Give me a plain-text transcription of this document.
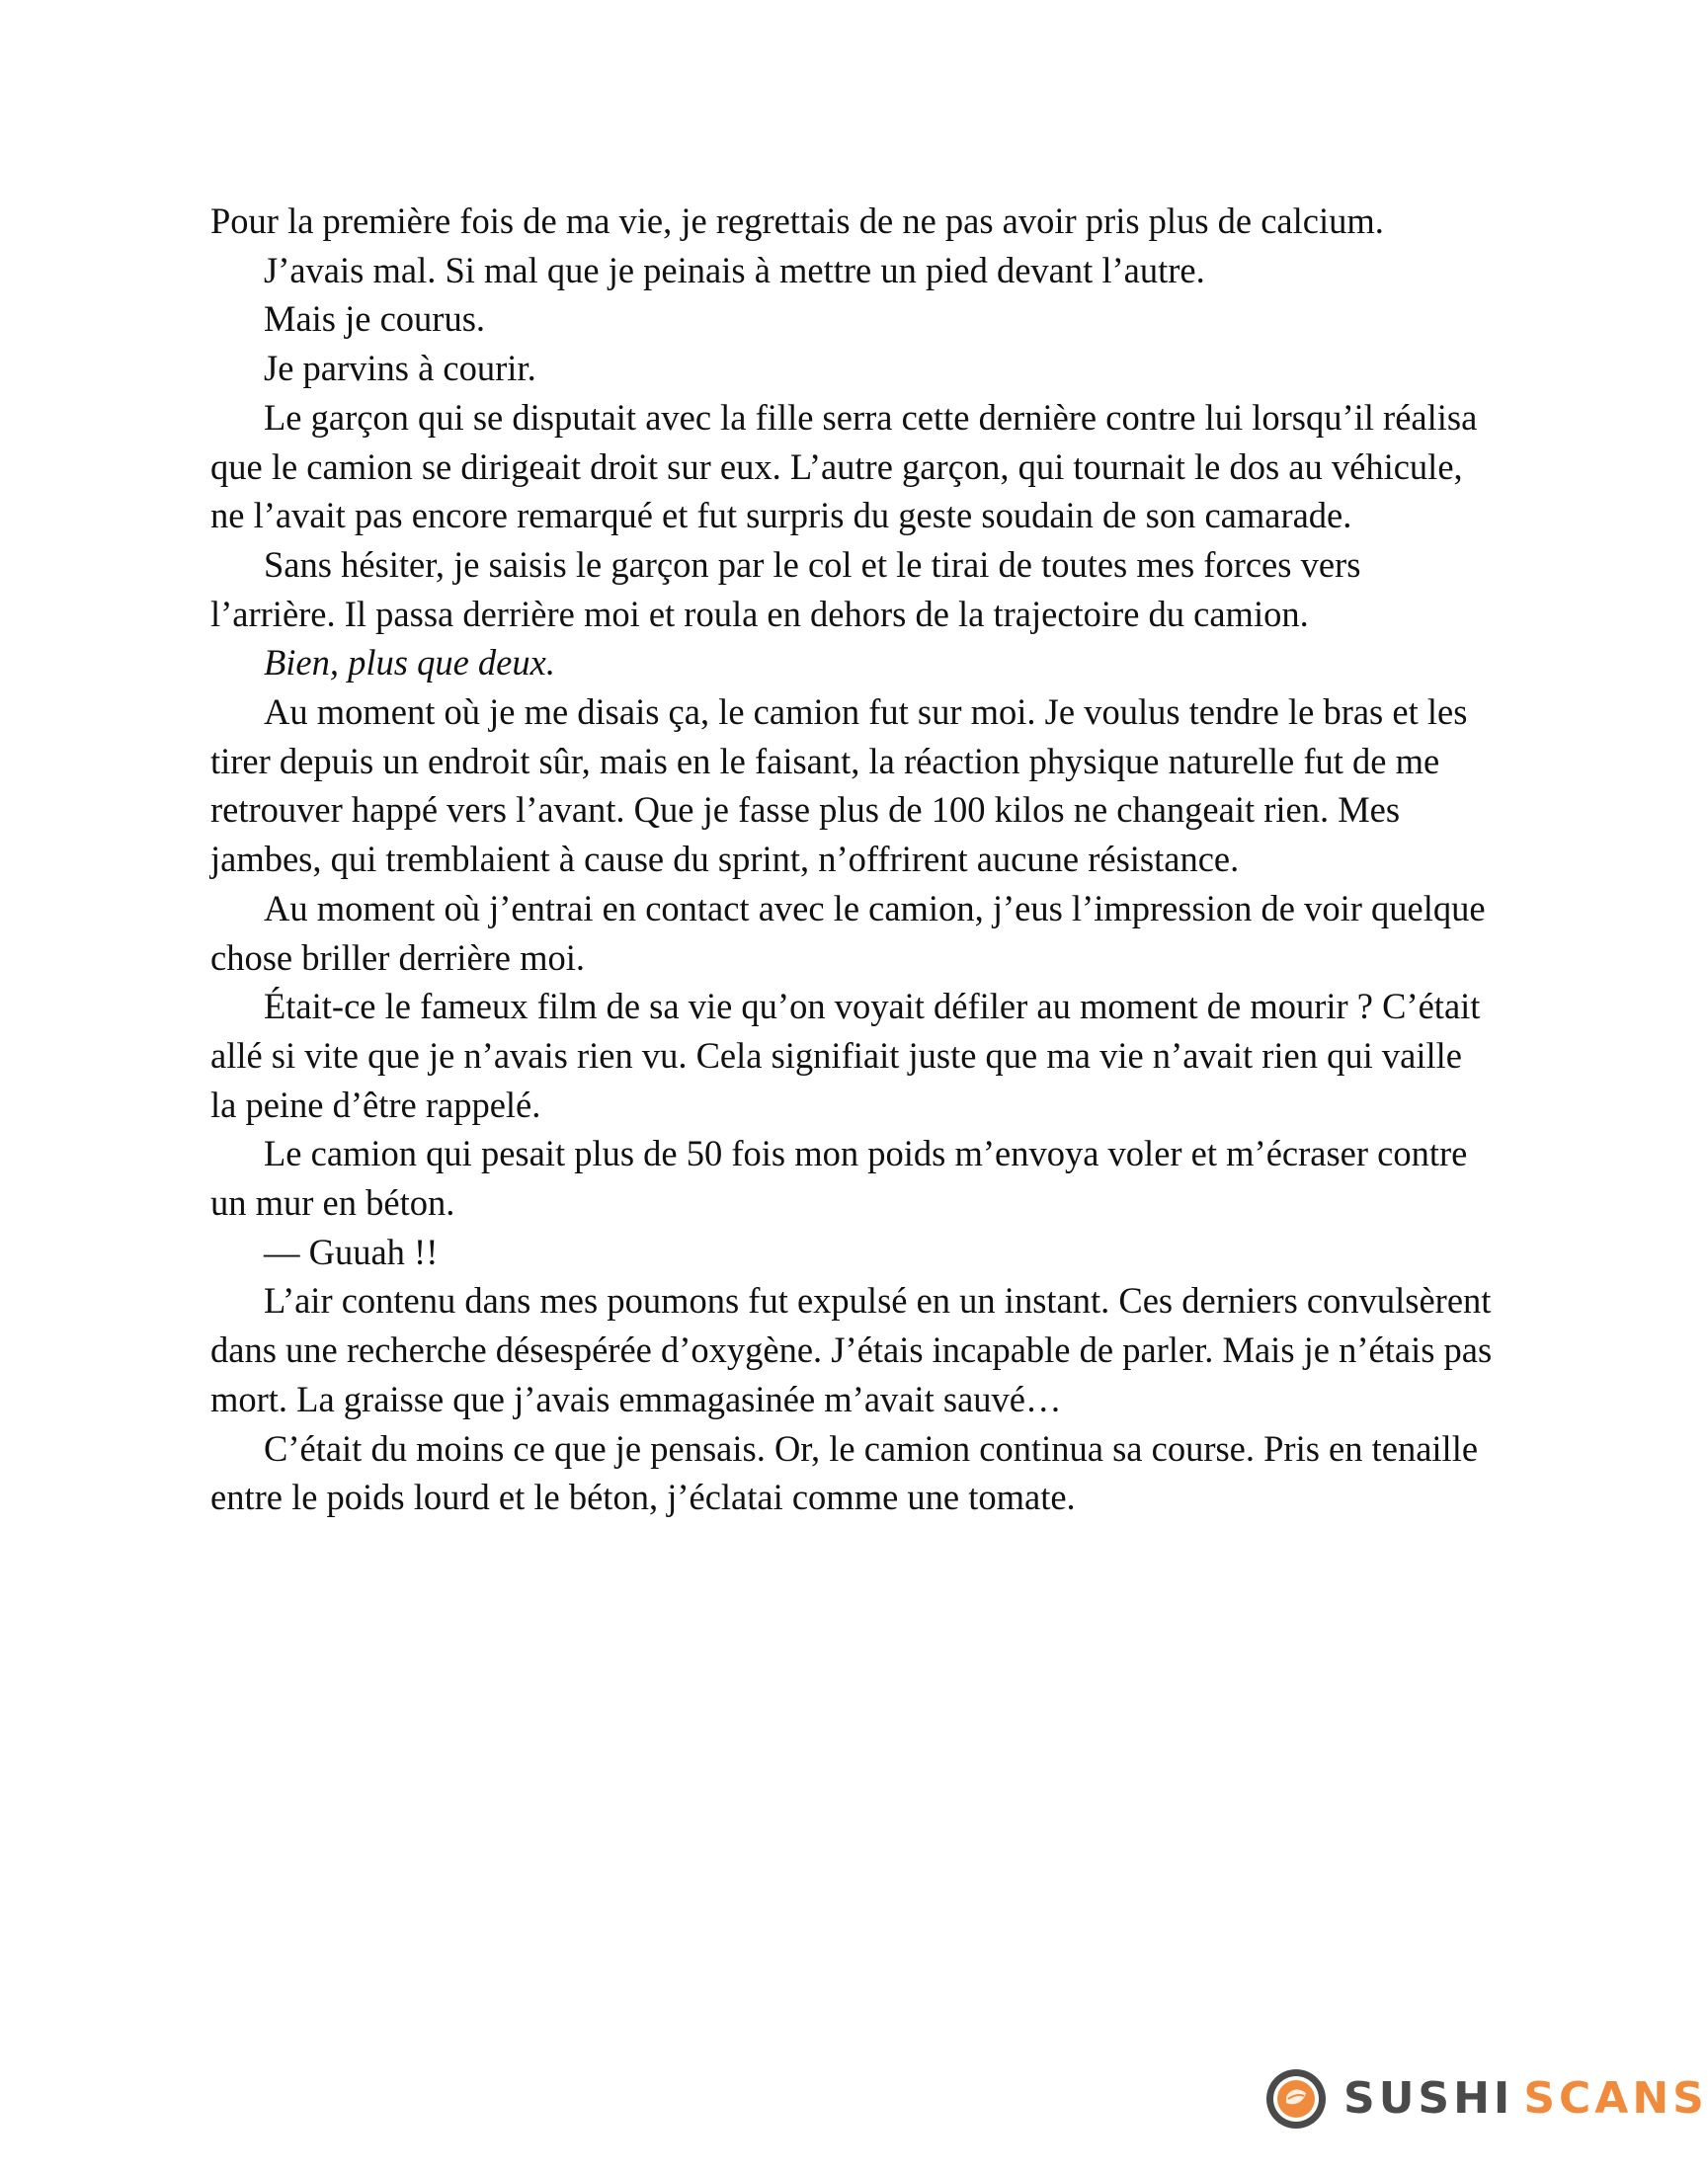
Pour la première fois de ma vie, je regrettais de ne pas avoir pris plus de calcium.

J’avais mal. Si mal que je peinais à mettre un pied devant l’autre.

Mais je courus.

Je parvins à courir.

Le garçon qui se disputait avec la fille serra cette dernière contre lui lorsqu’il réalisa que le camion se dirigeait droit sur eux. L’autre garçon, qui tournait le dos au véhicule, ne l’avait pas encore remarqué et fut surpris du geste soudain de son camarade.

Sans hésiter, je saisis le garçon par le col et le tirai de toutes mes forces vers l’arrière. Il passa derrière moi et roula en dehors de la trajectoire du camion.

Bien, plus que deux.

Au moment où je me disais ça, le camion fut sur moi. Je voulus tendre le bras et les tirer depuis un endroit sûr, mais en le faisant, la réaction physique naturelle fut de me retrouver happé vers l’avant. Que je fasse plus de 100 kilos ne changeait rien. Mes jambes, qui tremblaient à cause du sprint, n’offrirent aucune résistance.

Au moment où j’entrai en contact avec le camion, j’eus l’impression de voir quelque chose briller derrière moi.

Était-ce le fameux film de sa vie qu’on voyait défiler au moment de mourir ? C’était allé si vite que je n’avais rien vu. Cela signifiait juste que ma vie n’avait rien qui vaille la peine d’être rappelé.

Le camion qui pesait plus de 50 fois mon poids m’envoya voler et m’écraser contre un mur en béton.

— Guuah !!

L’air contenu dans mes poumons fut expulsé en un instant. Ces derniers convulsèrent dans une recherche désespérée d’oxygène. J’étais incapable de parler. Mais je n’étais pas mort. La graisse que j’avais emmagasinée m’avait sauvé…

C’était du moins ce que je pensais. Or, le camion continua sa course. Pris en tenaille entre le poids lourd et le béton, j’éclatai comme une tomate.

SUSHI SCANS
